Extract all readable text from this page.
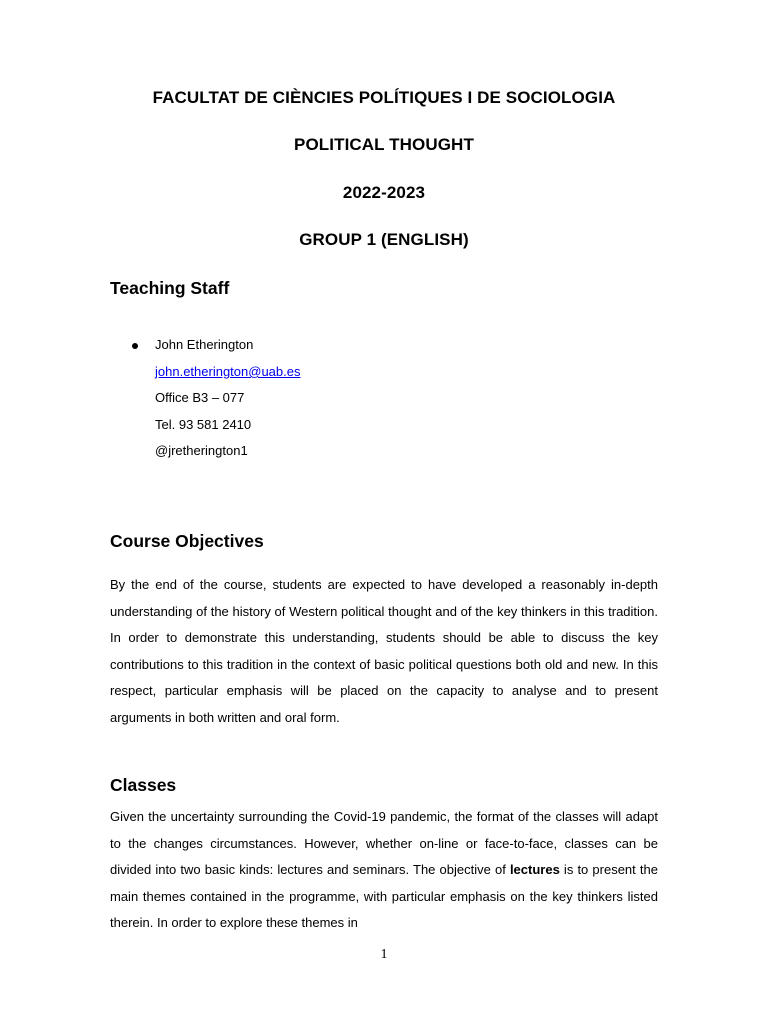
FACULTAT DE CIÈNCIES POLÍTIQUES I DE SOCIOLOGIA
POLITICAL THOUGHT
2022-2023
GROUP 1 (ENGLISH)
Teaching Staff
John Etherington
john.etherington@uab.es
Office B3 – 077
Tel. 93 581 2410
@jretherington1
Course Objectives

By the end of the course, students are expected to have developed a reasonably in-depth understanding of the history of Western political thought and of the key thinkers in this tradition. In order to demonstrate this understanding, students should be able to discuss the key contributions to this tradition in the context of basic political questions both old and new. In this respect, particular emphasis will be placed on the capacity to analyse and to present arguments in both written and oral form.

Classes

Given the uncertainty surrounding the Covid-19 pandemic, the format of the classes will adapt to the changes circumstances. However, whether on-line or face-to-face, classes can be divided into two basic kinds: lectures and seminars. The objective of lectures is to present the main themes contained in the programme, with particular emphasis on the key thinkers listed therein. In order to explore these themes in

1
